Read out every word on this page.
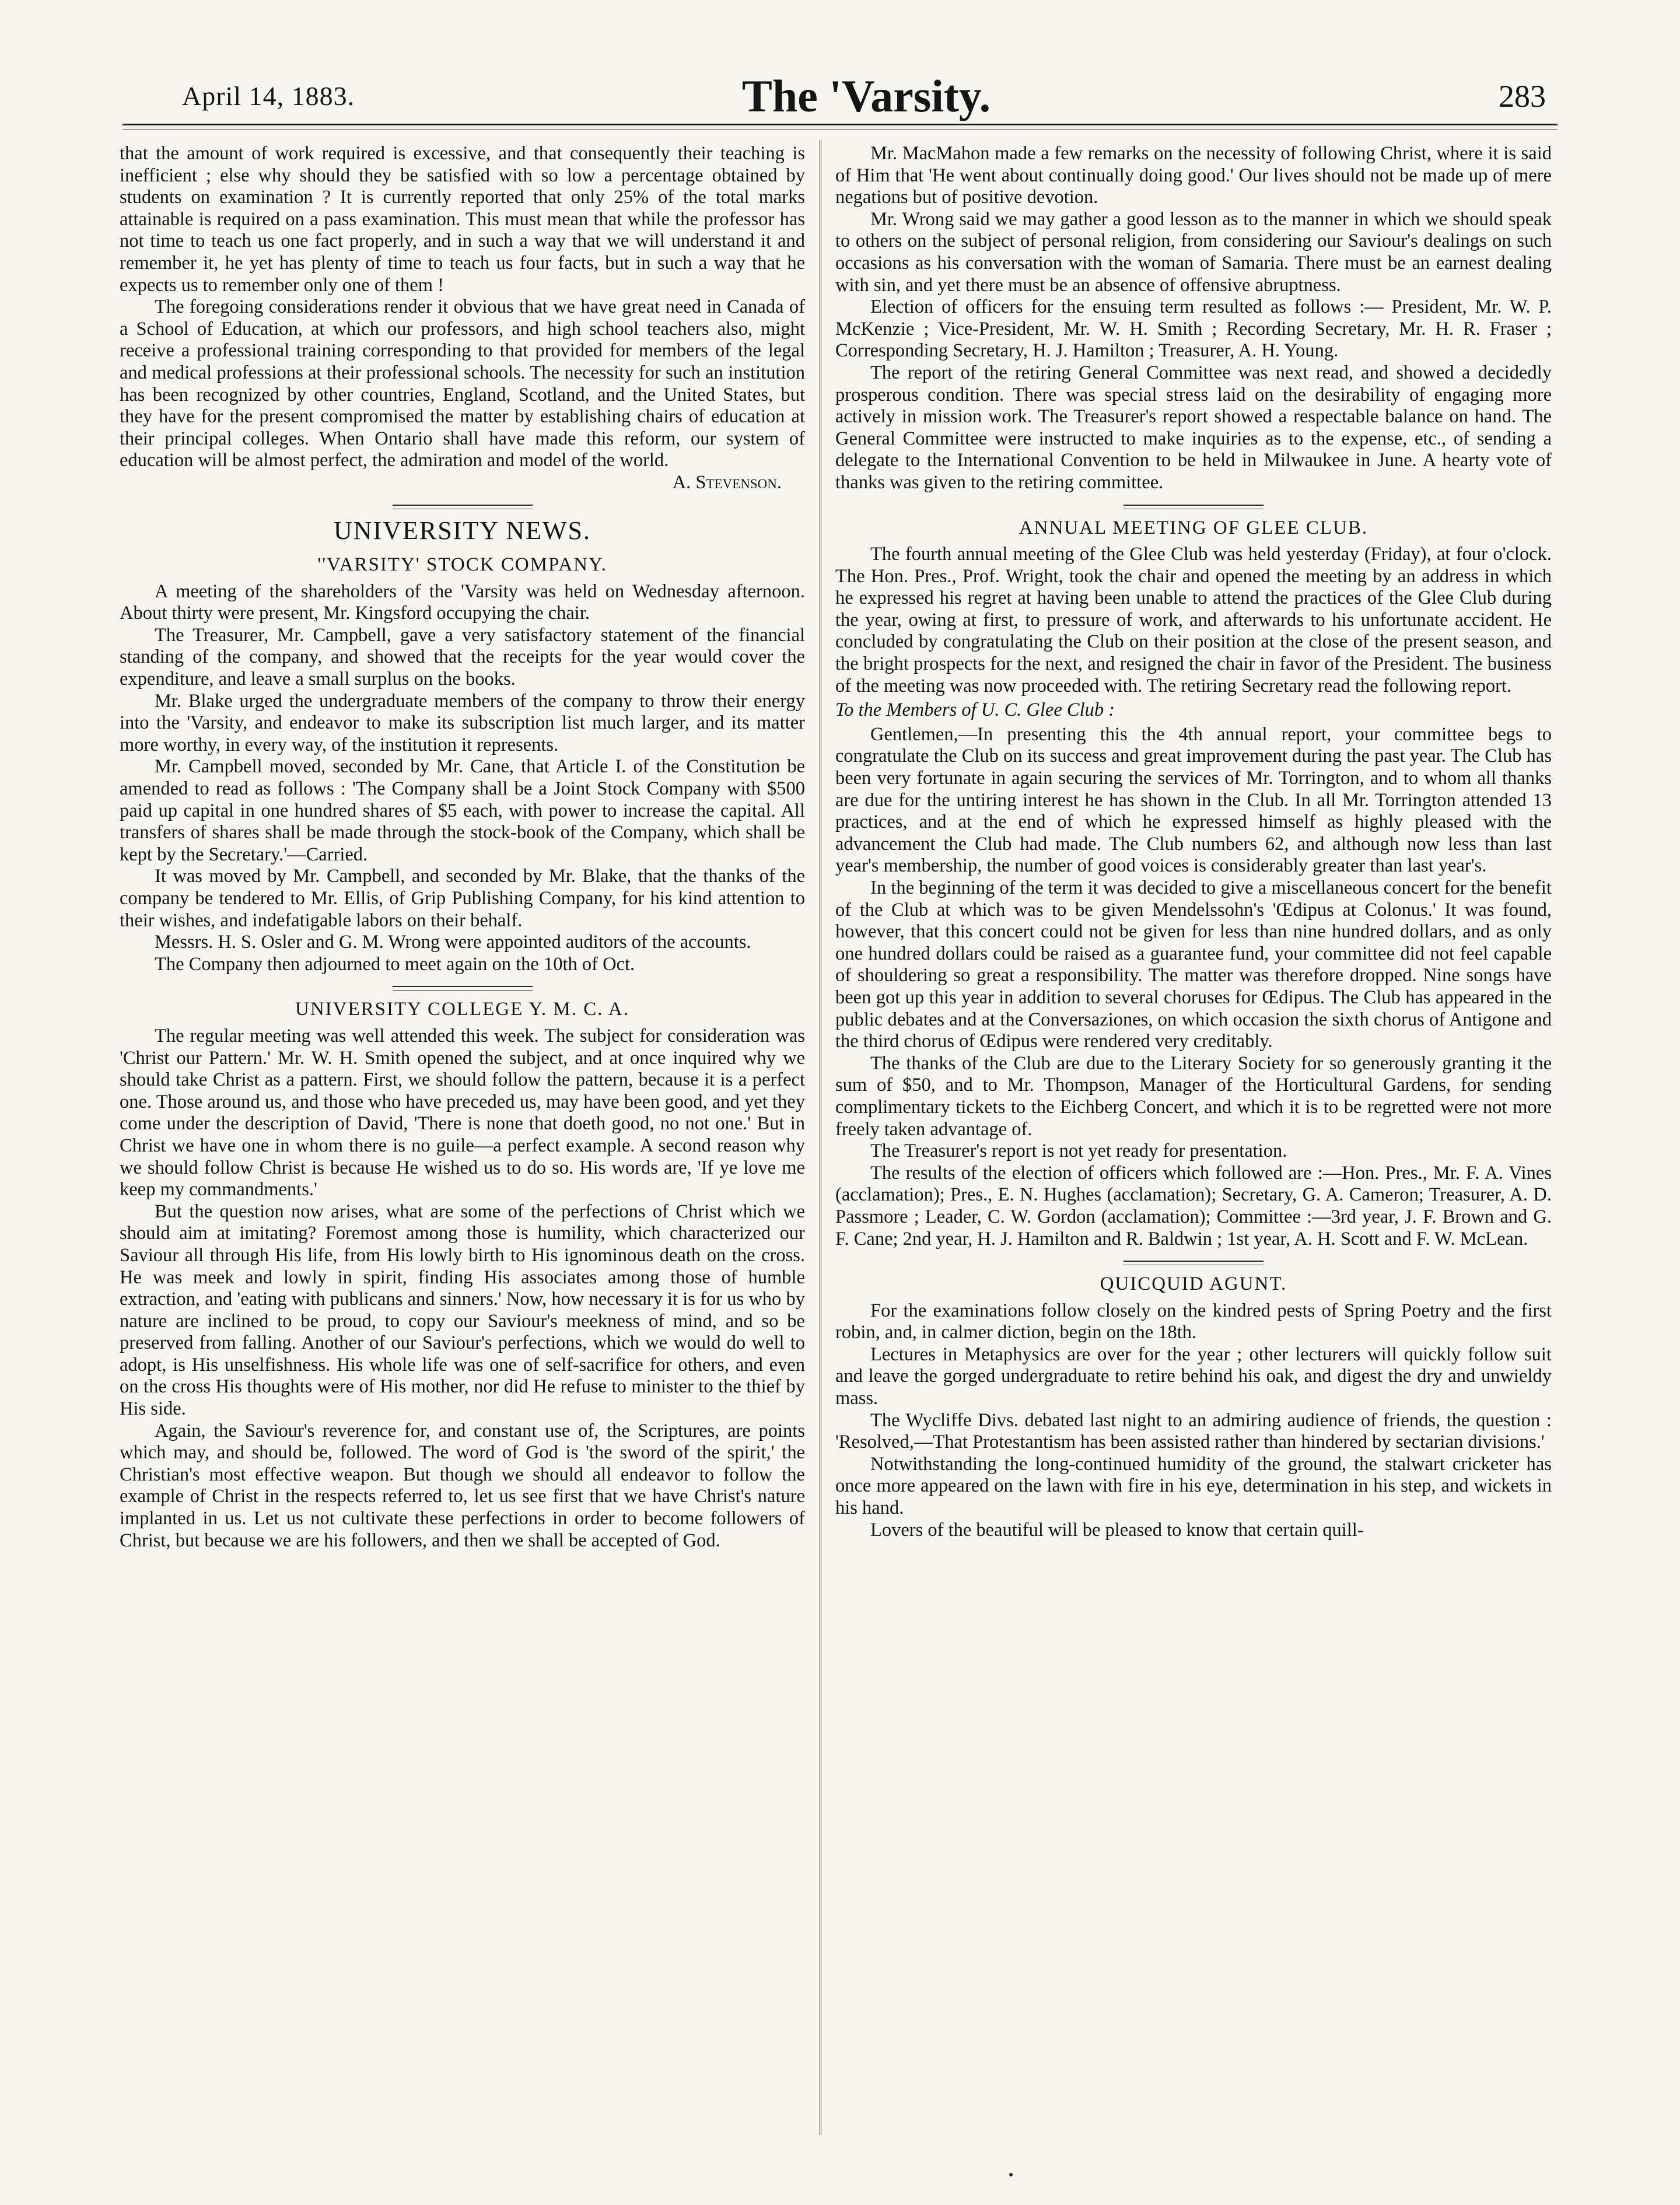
April 14, 1883.	The 'Varsity.	283

that the amount of work required is excessive, and that consequently their teaching is inefficient ; else why should they be satisfied with so low a percentage obtained by students on examination ? It is currently reported that only 25% of the total marks attainable is required on a pass examination. This must mean that while the professor has not time to teach us one fact properly, and in such a way that we will understand it and remember it, he yet has plenty of time to teach us four facts, but in such a way that he expects us to remember only one of them !

The foregoing considerations render it obvious that we have great need in Canada of a School of Education, at which our professors, and high school teachers also, might receive a professional training corresponding to that provided for members of the legal and medical professions at their professional schools. The necessity for such an institution has been recognized by other countries, England, Scotland, and the United States, but they have for the present compromised the matter by establishing chairs of education at their principal colleges. When Ontario shall have made this reform, our system of education will be almost perfect, the admiration and model of the world.

A. Stevenson.
UNIVERSITY NEWS.
''VARSITY' STOCK COMPANY.

A meeting of the shareholders of the 'Varsity was held on Wednesday afternoon. About thirty were present, Mr. Kingsford occupying the chair.

The Treasurer, Mr. Campbell, gave a very satisfactory statement of the financial standing of the company, and showed that the receipts for the year would cover the expenditure, and leave a small surplus on the books.

Mr. Blake urged the undergraduate members of the company to throw their energy into the 'Varsity, and endeavor to make its subscription list much larger, and its matter more worthy, in every way, of the institution it represents.

Mr. Campbell moved, seconded by Mr. Cane, that Article I. of the Constitution be amended to read as follows : 'The Company shall be a Joint Stock Company with $500 paid up capital in one hundred shares of $5 each, with power to increase the capital. All transfers of shares shall be made through the stock-book of the Company, which shall be kept by the Secretary.'—Carried.

It was moved by Mr. Campbell, and seconded by Mr. Blake, that the thanks of the company be tendered to Mr. Ellis, of Grip Publishing Company, for his kind attention to their wishes, and indefatigable labors on their behalf.

Messrs. H. S. Osler and G. M. Wrong were appointed auditors of the accounts.

The Company then adjourned to meet again on the 10th of Oct.

UNIVERSITY COLLEGE Y. M. C. A.

The regular meeting was well attended this week. The subject for consideration was 'Christ our Pattern.' Mr. W. H. Smith opened the subject, and at once inquired why we should take Christ as a pattern. First, we should follow the pattern, because it is a perfect one. Those around us, and those who have preceded us, may have been good, and yet they come under the description of David, 'There is none that doeth good, no not one.' But in Christ we have one in whom there is no guile—a perfect example. A second reason why we should follow Christ is because He wished us to do so. His words are, 'If ye love me keep my commandments.'

But the question now arises, what are some of the perfections of Christ which we should aim at imitating? Foremost among those is humility, which characterized our Saviour all through His life, from His lowly birth to His ignominous death on the cross. He was meek and lowly in spirit, finding His associates among those of humble extraction, and 'eating with publicans and sinners.' Now, how necessary it is for us who by nature are inclined to be proud, to copy our Saviour's meekness of mind, and so be preserved from falling. Another of our Saviour's perfections, which we would do well to adopt, is His unselfishness. His whole life was one of self-sacrifice for others, and even on the cross His thoughts were of His mother, nor did He refuse to minister to the thief by His side.

Again, the Saviour's reverence for, and constant use of, the Scriptures, are points which may, and should be, followed. The word of God is 'the sword of the spirit,' the Christian's most effective weapon. But though we should all endeavor to follow the example of Christ in the respects referred to, let us see first that we have Christ's nature implanted in us. Let us not cultivate these perfections in order to become followers of Christ, but because we are his followers, and then we shall be accepted of God.

Mr. MacMahon made a few remarks on the necessity of following Christ, where it is said of Him that 'He went about continually doing good.' Our lives should not be made up of mere negations but of positive devotion.

Mr. Wrong said we may gather a good lesson as to the manner in which we should speak to others on the subject of personal religion, from considering our Saviour's dealings on such occasions as his conversation with the woman of Samaria. There must be an earnest dealing with sin, and yet there must be an absence of offensive abruptness.

Election of officers for the ensuing term resulted as follows :— President, Mr. W. P. McKenzie ; Vice-President, Mr. W. H. Smith ; Recording Secretary, Mr. H. R. Fraser ; Corresponding Secretary, H. J. Hamilton ; Treasurer, A. H. Young.

The report of the retiring General Committee was next read, and showed a decidedly prosperous condition. There was special stress laid on the desirability of engaging more actively in mission work. The Treasurer's report showed a respectable balance on hand. The General Committee were instructed to make inquiries as to the expense, etc., of sending a delegate to the International Convention to be held in Milwaukee in June. A hearty vote of thanks was given to the retiring committee.

ANNUAL MEETING OF GLEE CLUB.

The fourth annual meeting of the Glee Club was held yesterday (Friday), at four o'clock. The Hon. Pres., Prof. Wright, took the chair and opened the meeting by an address in which he expressed his regret at having been unable to attend the practices of the Glee Club during the year, owing at first, to pressure of work, and afterwards to his unfortunate accident. He concluded by congratulating the Club on their position at the close of the present season, and the bright prospects for the next, and resigned the chair in favor of the President. The business of the meeting was now proceeded with. The retiring Secretary read the following report.

To the Members of U. C. Glee Club :

Gentlemen,—In presenting this the 4th annual report, your committee begs to congratulate the Club on its success and great improvement during the past year. The Club has been very fortunate in again securing the services of Mr. Torrington, and to whom all thanks are due for the untiring interest he has shown in the Club. In all Mr. Torrington attended 13 practices, and at the end of which he expressed himself as highly pleased with the advancement the Club had made. The Club numbers 62, and although now less than last year's membership, the number of good voices is considerably greater than last year's.

In the beginning of the term it was decided to give a miscellaneous concert for the benefit of the Club at which was to be given Mendelssohn's 'Œdipus at Colonus.' It was found, however, that this concert could not be given for less than nine hundred dollars, and as only one hundred dollars could be raised as a guarantee fund, your committee did not feel capable of shouldering so great a responsibility. The matter was therefore dropped. Nine songs have been got up this year in addition to several choruses for Œdipus. The Club has appeared in the public debates and at the Conversaziones, on which occasion the sixth chorus of Antigone and the third chorus of Œdipus were rendered very creditably.

The thanks of the Club are due to the Literary Society for so generously granting it the sum of $50, and to Mr. Thompson, Manager of the Horticultural Gardens, for sending complimentary tickets to the Eichberg Concert, and which it is to be regretted were not more freely taken advantage of.

The Treasurer's report is not yet ready for presentation.

The results of the election of officers which followed are :—Hon. Pres., Mr. F. A. Vines (acclamation); Pres., E. N. Hughes (acclamation); Secretary, G. A. Cameron; Treasurer, A. D. Passmore ; Leader, C. W. Gordon (acclamation); Committee :—3rd year, J. F. Brown and G. F. Cane; 2nd year, H. J. Hamilton and R. Baldwin ; 1st year, A. H. Scott and F. W. McLean.

QUICQUID AGUNT.

For the examinations follow closely on the kindred pests of Spring Poetry and the first robin, and, in calmer diction, begin on the 18th.

Lectures in Metaphysics are over for the year ; other lecturers will quickly follow suit and leave the gorged undergraduate to retire behind his oak, and digest the dry and unwieldy mass.

The Wycliffe Divs. debated last night to an admiring audience of friends, the question : 'Resolved,—That Protestantism has been assisted rather than hindered by sectarian divisions.'

Notwithstanding the long-continued humidity of the ground, the stalwart cricketer has once more appeared on the lawn with fire in his eye, determination in his step, and wickets in his hand.

Lovers of the beautiful will be pleased to know that certain quill-
